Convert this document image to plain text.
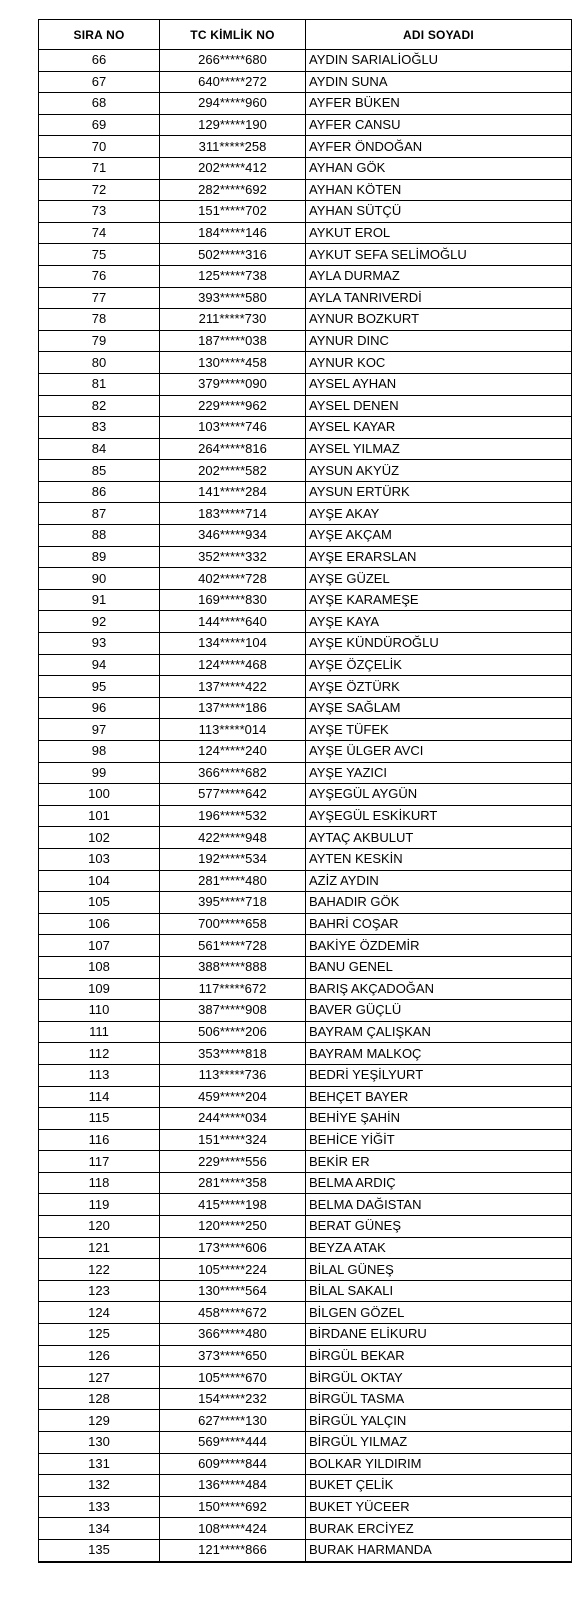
SIRA NO	TC KİMLİK NO	ADI SOYADI
66	266*****680	AYDIN SARIALİOĞLU
67	640*****272	AYDIN SUNA
68	294*****960	AYFER BÜKEN
69	129*****190	AYFER CANSU
70	311*****258	AYFER ÖNDOĞAN
71	202*****412	AYHAN GÖK
72	282*****692	AYHAN KÖTEN
73	151*****702	AYHAN SÜTÇÜ
74	184*****146	AYKUT EROL
75	502*****316	AYKUT SEFA SELİMOĞLU
76	125*****738	AYLA DURMAZ
77	393*****580	AYLA TANRIVERDİ
78	211*****730	AYNUR BOZKURT
79	187*****038	AYNUR DINC
80	130*****458	AYNUR KOC
81	379*****090	AYSEL AYHAN
82	229*****962	AYSEL DENEN
83	103*****746	AYSEL KAYAR
84	264*****816	AYSEL YILMAZ
85	202*****582	AYSUN AKYÜZ
86	141*****284	AYSUN ERTÜRK
87	183*****714	AYŞE AKAY
88	346*****934	AYŞE AKÇAM
89	352*****332	AYŞE ERARSLAN
90	402*****728	AYŞE GÜZEL
91	169*****830	AYŞE KARAMEŞE
92	144*****640	AYŞE KAYA
93	134*****104	AYŞE KÜNDÜROĞLU
94	124*****468	AYŞE ÖZÇELİK
95	137*****422	AYŞE ÖZTÜRK
96	137*****186	AYŞE SAĞLAM
97	113*****014	AYŞE TÜFEK
98	124*****240	AYŞE ÜLGER AVCI
99	366*****682	AYŞE YAZICI
100	577*****642	AYŞEGÜL AYGÜN
101	196*****532	AYŞEGÜL ESKİKURT
102	422*****948	AYTAÇ AKBULUT
103	192*****534	AYTEN KESKİN
104	281*****480	AZİZ AYDIN
105	395*****718	BAHADIR GÖK
106	700*****658	BAHRİ COŞAR
107	561*****728	BAKİYE ÖZDEMİR
108	388*****888	BANU GENEL
109	117*****672	BARIŞ AKÇADOĞAN
110	387*****908	BAVER GÜÇLÜ
111	506*****206	BAYRAM ÇALIŞKAN
112	353*****818	BAYRAM MALKOÇ
113	113*****736	BEDRİ YEŞİLYURT
114	459*****204	BEHÇET BAYER
115	244*****034	BEHİYE ŞAHİN
116	151*****324	BEHİCE YİĞİT
117	229*****556	BEKİR ER
118	281*****358	BELMA ARDIÇ
119	415*****198	BELMA DAĞISTAN
120	120*****250	BERAT GÜNEŞ
121	173*****606	BEYZA ATAK
122	105*****224	BİLAL GÜNEŞ
123	130*****564	BİLAL SAKALI
124	458*****672	BİLGEN GÖZEL
125	366*****480	BİRDANE ELİKURU
126	373*****650	BİRGÜL BEKAR
127	105*****670	BİRGÜL OKTAY
128	154*****232	BİRGÜL TASMA
129	627*****130	BİRGÜL YALÇIN
130	569*****444	BİRGÜL YILMAZ
131	609*****844	BOLKAR YILDIRIM
132	136*****484	BUKET ÇELİK
133	150*****692	BUKET YÜCEER
134	108*****424	BURAK ERCİYEZ
135	121*****866	BURAK HARMANDA
